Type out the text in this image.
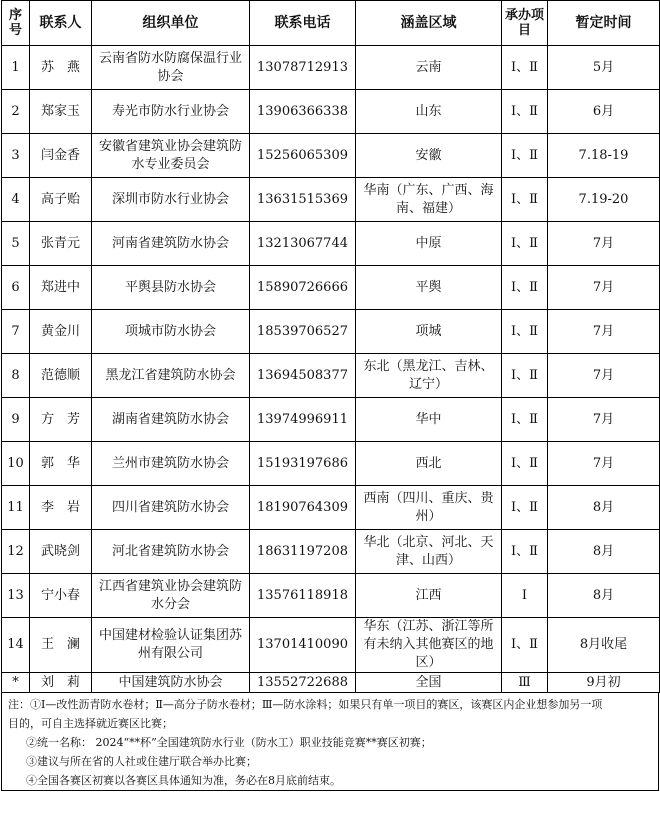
序号	联系人	组织单位	联系电话	涵盖区域	承办项目	暂定时间
1	苏　燕	云南省防水防腐保温行业协会	13078712913	云南	Ⅰ、Ⅱ	5月
2	郑家玉	寿光市防水行业协会	13906366338	山东	Ⅰ、Ⅱ	6月
3	闫金香	安徽省建筑业协会建筑防水专业委员会	15256065309	安徽	Ⅰ、Ⅱ	7.18-19
4	高子贻	深圳市防水行业协会	13631515369	华南（广东、广西、海南、福建）	Ⅰ、Ⅱ	7.19-20
5	张青元	河南省建筑防水协会	13213067744	中原	Ⅰ、Ⅱ	7月
6	郑进中	平舆县防水协会	15890726666	平舆	Ⅰ、Ⅱ	7月
7	黄金川	项城市防水协会	18539706527	项城	Ⅰ、Ⅱ	7月
8	范德顺	黑龙江省建筑防水协会	13694508377	东北（黑龙江、吉林、辽宁）	Ⅰ、Ⅱ	7月
9	方　芳	湖南省建筑防水协会	13974996911	华中	Ⅰ、Ⅱ	7月
10	郭　华	兰州市建筑防水协会	15193197686	西北	Ⅰ、Ⅱ	7月
11	李　岩	四川省建筑防水协会	18190764309	西南（四川、重庆、贵州）	Ⅰ、Ⅱ	8月
12	武晓剑	河北省建筑防水协会	18631197208	华北（北京、河北、天津、山西）	Ⅰ、Ⅱ	8月
13	宁小春	江西省建筑业协会建筑防水分会	13576118918	江西	Ⅰ	8月
14	王　澜	中国建材检验认证集团苏州有限公司	13701410090	华东（江苏、浙江等所有未纳入其他赛区的地区）	Ⅰ、Ⅱ	8月收尾
*	刘　莉	中国建筑防水协会	13552722688	全国	Ⅲ	9月初

注：①Ⅰ—改性沥青防水卷材；Ⅱ—高分子防水卷材；Ⅲ—防水涂料；如果只有单一项目的赛区，该赛区内企业想参加另一项

目的，可自主选择就近赛区比赛；

②统一名称： 2024“**杯”全国建筑防水行业（防水工）职业技能竞赛**赛区初赛；

③建议与所在省的人社或住建厅联合举办比赛；

④全国各赛区初赛以各赛区具体通知为准，务必在8月底前结束。
